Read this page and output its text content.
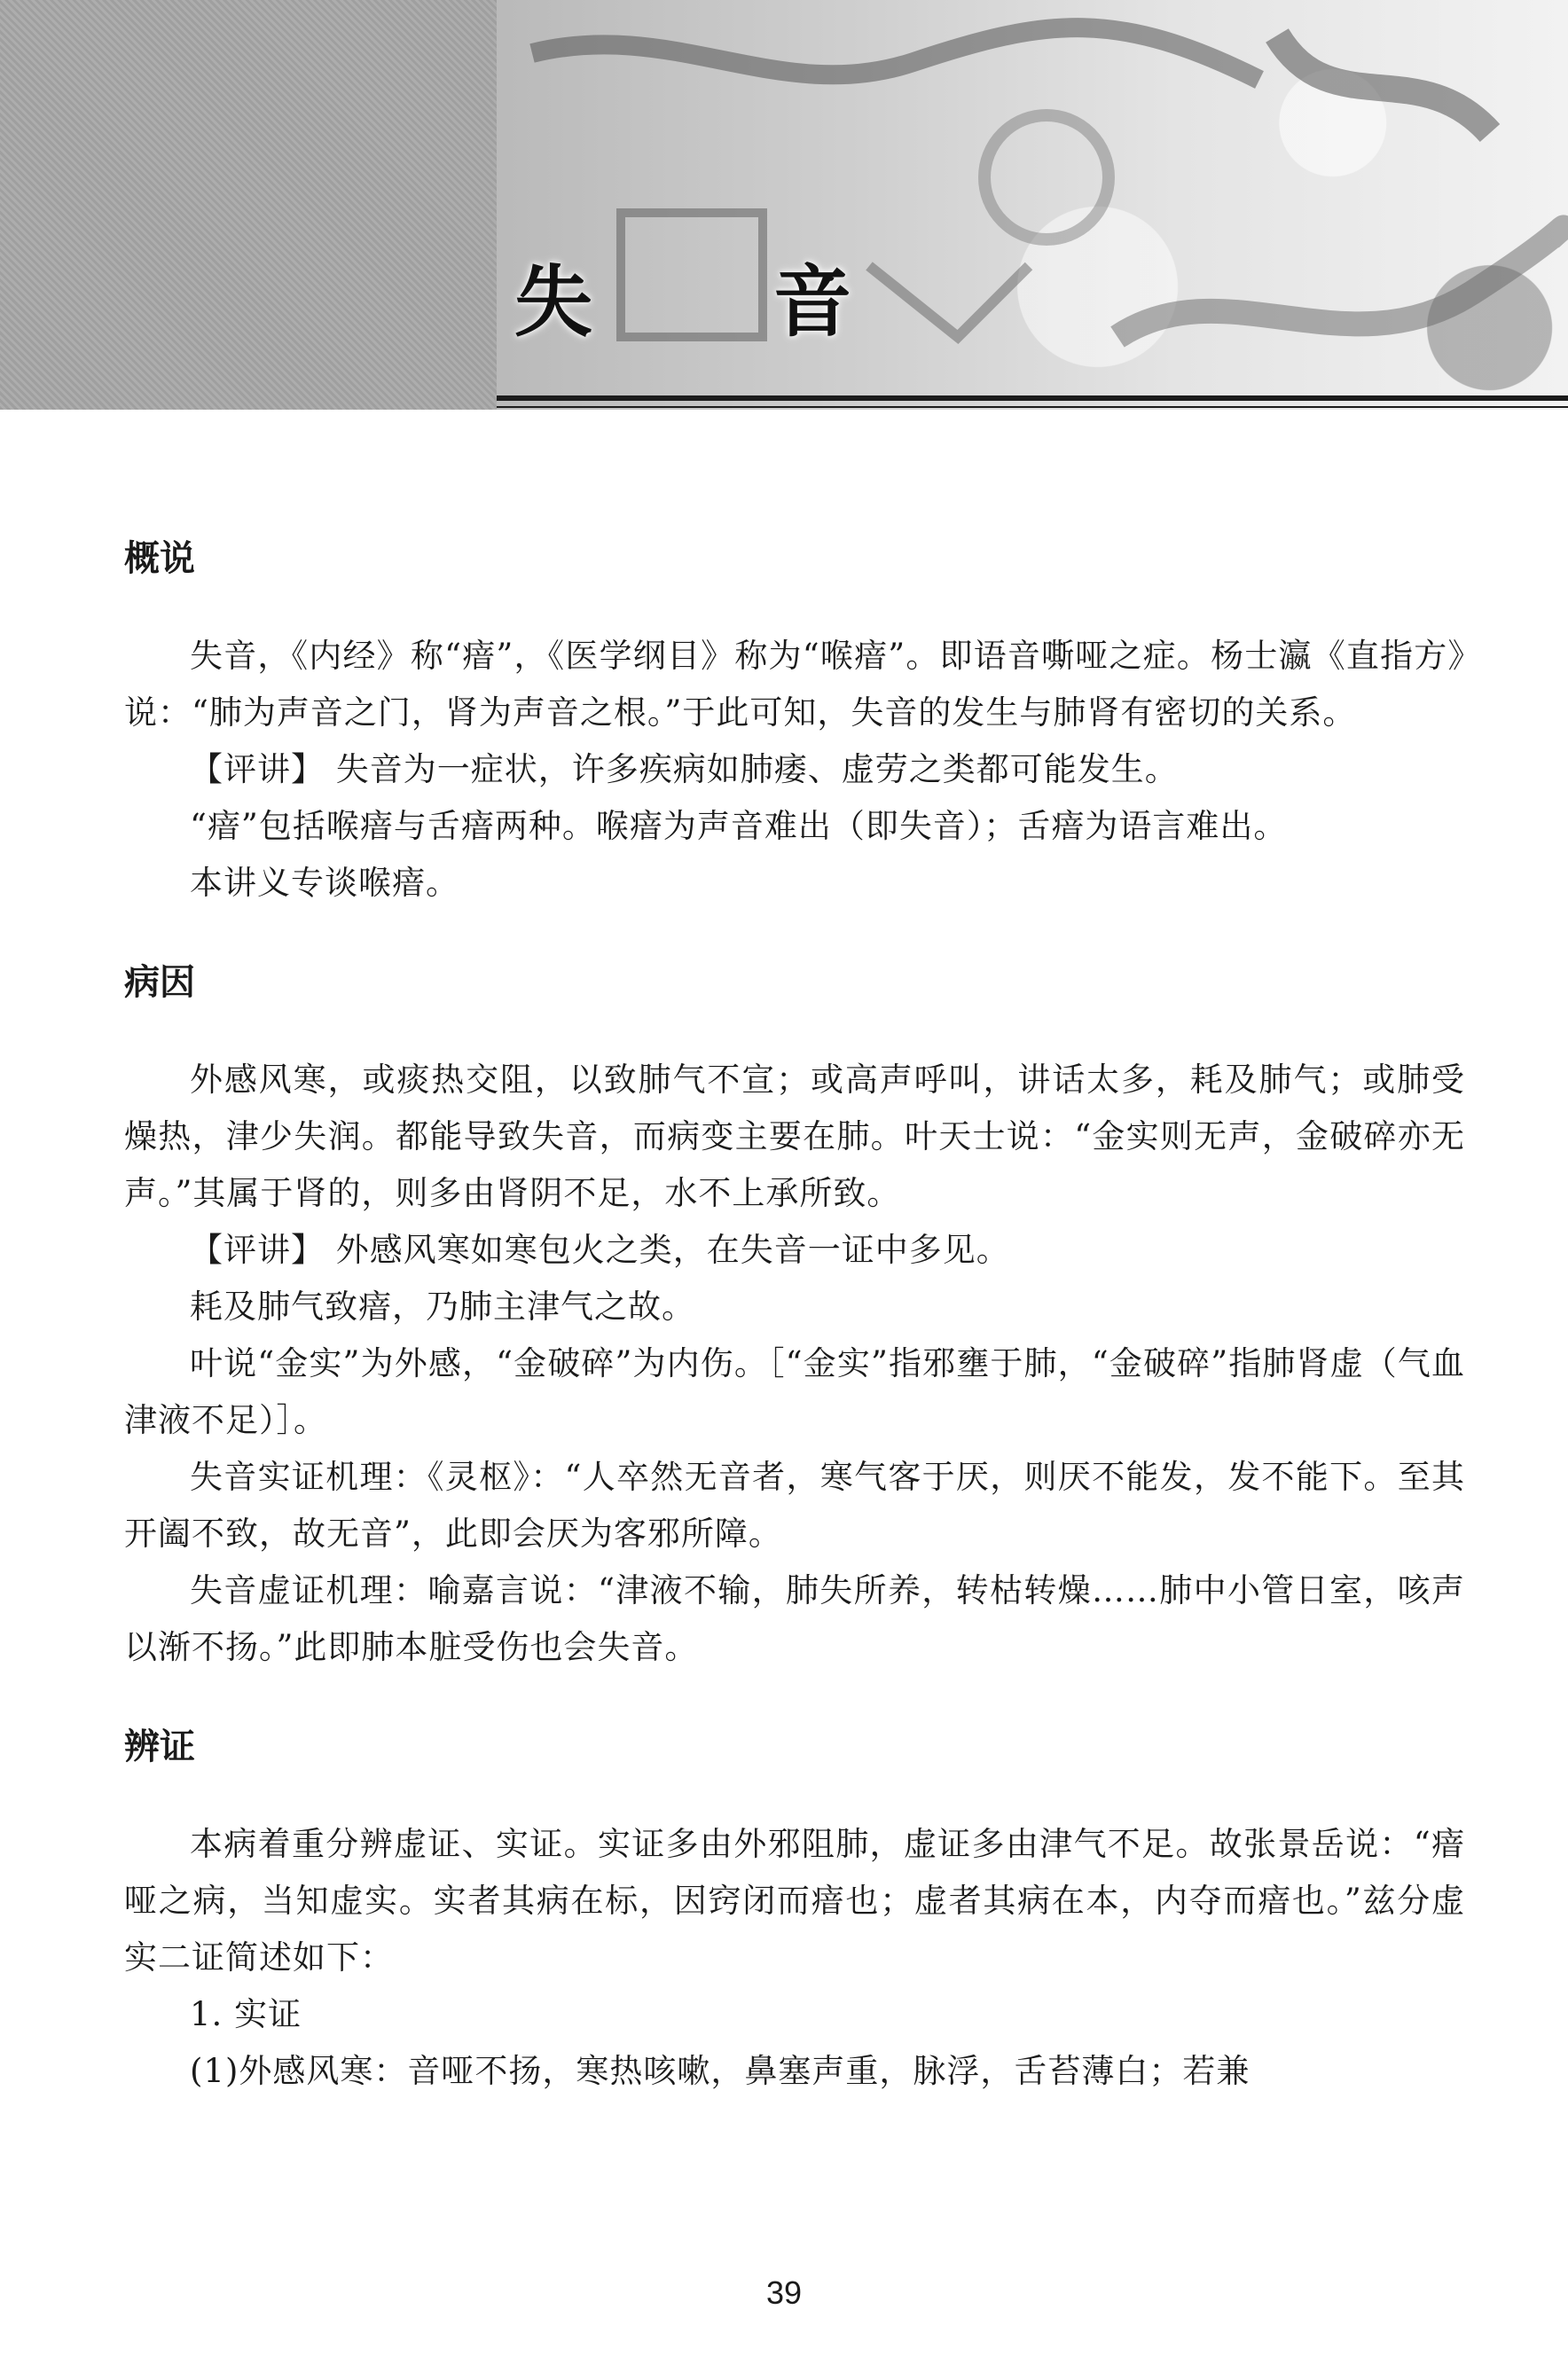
失 音
概说

失音，《内经》称“瘖”，《医学纲目》称为“喉瘖”。即语音嘶哑之症。杨士瀛《直指方》说：“肺为声音之门，肾为声音之根。”于此可知，失音的发生与肺肾有密切的关系。

【评讲】 失音为一症状，许多疾病如肺痿、虚劳之类都可能发生。

“瘖”包括喉瘖与舌瘖两种。喉瘖为声音难出（即失音）；舌瘖为语言难出。

本讲义专谈喉瘖。

病因

外感风寒，或痰热交阻，以致肺气不宣；或高声呼叫，讲话太多，耗及肺气；或肺受燥热，津少失润。都能导致失音，而病变主要在肺。叶天士说：“金实则无声，金破碎亦无声。”其属于肾的，则多由肾阴不足，水不上承所致。

【评讲】 外感风寒如寒包火之类，在失音一证中多见。

耗及肺气致瘖，乃肺主津气之故。

叶说“金实”为外感，“金破碎”为内伤。［“金实”指邪壅于肺，“金破碎”指肺肾虚（气血津液不足）］。

失音实证机理：《灵枢》：“人卒然无音者，寒气客于厌，则厌不能发，发不能下。至其开阖不致，故无音”，此即会厌为客邪所障。

失音虚证机理：喻嘉言说：“津液不输，肺失所养，转枯转燥……肺中小管日室，咳声以渐不扬。”此即肺本脏受伤也会失音。

辨证

本病着重分辨虚证、实证。实证多由外邪阻肺，虚证多由津气不足。故张景岳说：“瘖哑之病，当知虚实。实者其病在标，因窍闭而瘖也；虚者其病在本，内夺而瘖也。”兹分虚实二证简述如下：

1. 实证

(1)外感风寒：音哑不扬，寒热咳嗽，鼻塞声重，脉浮，舌苔薄白；若兼

39
